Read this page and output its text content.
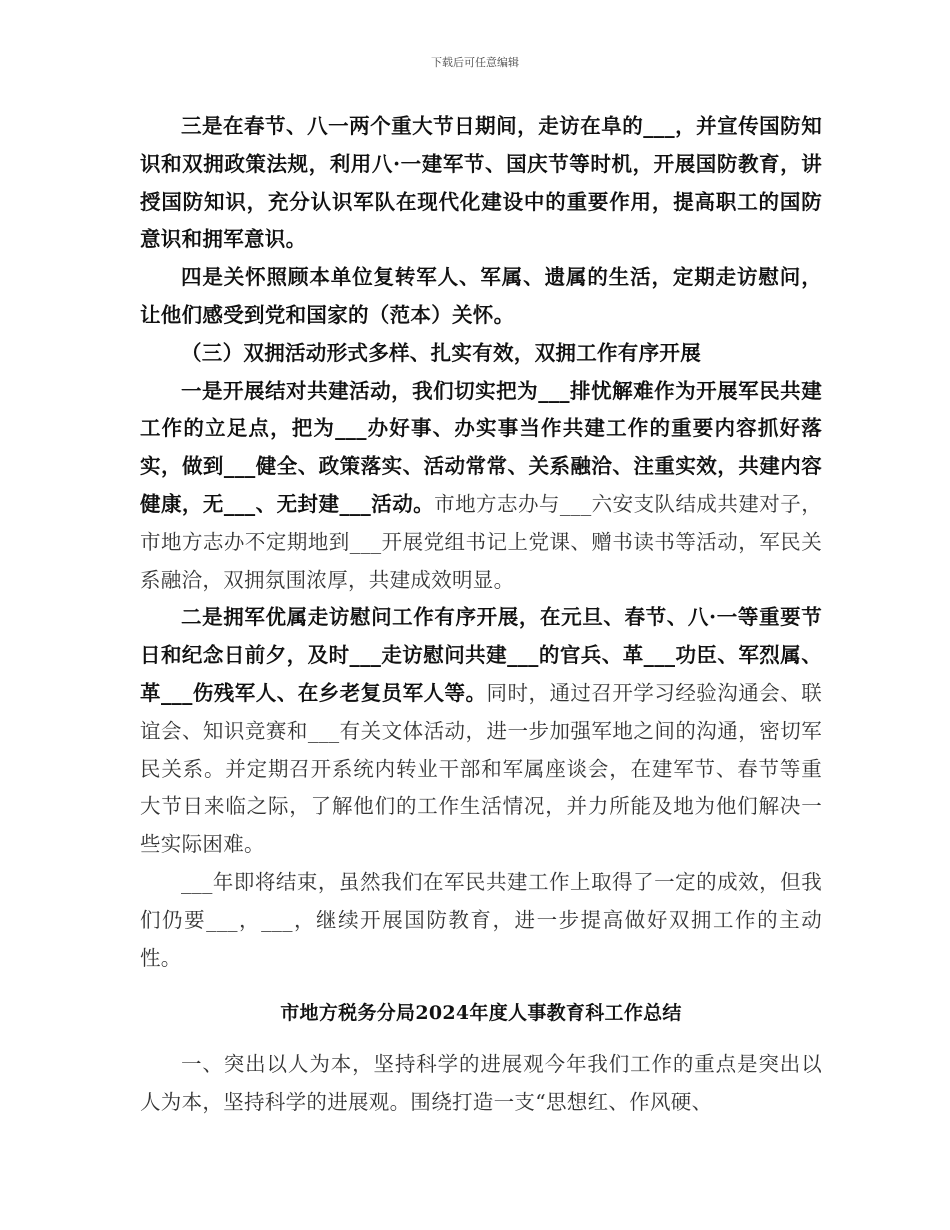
下载后可任意编辑

三是在春节、八一两个重大节日期间，走访在阜的___，并宣传国防知识和双拥政策法规，利用八·一建军节、国庆节等时机，开展国防教育，讲授国防知识，充分认识军队在现代化建设中的重要作用，提高职工的国防意识和拥军意识。

四是关怀照顾本单位复转军人、军属、遗属的生活，定期走访慰问，让他们感受到党和国家的（范本）关怀。

（三）双拥活动形式多样、扎实有效，双拥工作有序开展

一是开展结对共建活动，我们切实把为___排忧解难作为开展军民共建工作的立足点，把为___办好事、办实事当作共建工作的重要内容抓好落实，做到___健全、政策落实、活动常常、关系融洽、注重实效，共建内容健康，无___、无封建___活动。市地方志办与___六安支队结成共建对子，市地方志办不定期地到___开展党组书记上党课、赠书读书等活动，军民关系融洽，双拥氛围浓厚，共建成效明显。

二是拥军优属走访慰问工作有序开展，在元旦、春节、八·一等重要节日和纪念日前夕，及时___走访慰问共建___的官兵、革___功臣、军烈属、革___伤残军人、在乡老复员军人等。同时，通过召开学习经验沟通会、联谊会、知识竞赛和___有关文体活动，进一步加强军地之间的沟通，密切军民关系。并定期召开系统内转业干部和军属座谈会，在建军节、春节等重大节日来临之际，了解他们的工作生活情况，并力所能及地为他们解决一些实际困难。

___年即将结束，虽然我们在军民共建工作上取得了一定的成效，但我们仍要___，___，继续开展国防教育，进一步提高做好双拥工作的主动性。

市地方税务分局2024年度人事教育科工作总结

一、突出以人为本，坚持科学的进展观今年我们工作的重点是突出以人为本，坚持科学的进展观。围绕打造一支“思想红、作风硬、
